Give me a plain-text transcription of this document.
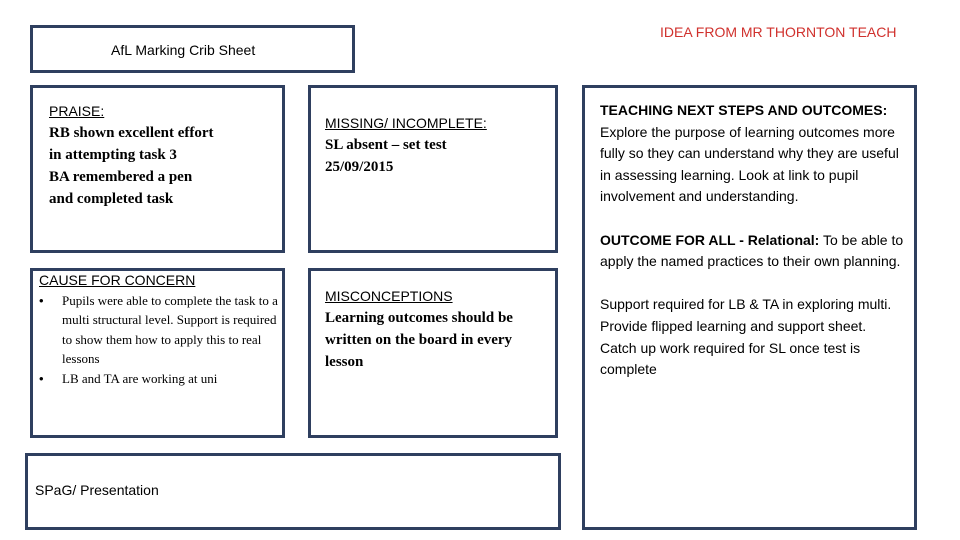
IDEA FROM MR THORNTON TEACH
AfL Marking Crib Sheet
PRAISE:
RB shown excellent effort
in attempting task 3
BA remembered a pen
and completed task
MISSING/ INCOMPLETE:
SL absent – set test
25/09/2015

TEACHING NEXT STEPS AND OUTCOMES:
Explore the purpose of learning outcomes more fully so they can understand why they are useful in assessing learning. Look at link to pupil involvement and understanding.

OUTCOME FOR ALL - Relational: To be able to apply the named practices to their own planning.

Support required for LB & TA in exploring multi. Provide flipped learning and support sheet.
Catch up work required for SL once test is complete

CAUSE FOR CONCERN
• Pupils were able to complete the task to a multi structural level. Support is required to show them how to apply this to real lessons
• LB and TA are working at uni
MISCONCEPTIONS
Learning outcomes should be written on the board in every lesson
SPaG/ Presentation
